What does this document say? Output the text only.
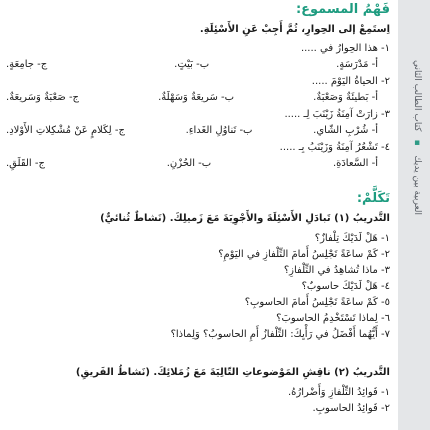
العربية بين يديك ▪ كتاب الطالب الثاني
فَهْمُ المسموع:
اِستَمِعْ إلى الحِوارِ، ثُمَّ أَجِبْ عَنِ الأَسْئِلَةِ.
١- هذا الحِوارُ في .....
أ- مَدْرَسَةٍ.
ب- بَيْتٍ.
ج- جامِعَةٍ.
٢- الحياةُ اليَوْمَ .....
أ- بَطيئَةٌ وَصَعْبَةٌ.
ب- سَريعَةٌ وَسَهْلَةٌ.
ج- صَعْبَةٌ وَسَريعَةٌ.
٣- زارَتْ آمِنَةُ زَيْنَبَ لِـ .....
أ- شُرْبِ الشّاي.
ب- تَناوُلِ الغَداءِ.
ج- لِكَلامٍ عَنْ مُشْكِلاتِ الأَوْلادِ.
٤- تَشْعُرُ آمِنَةُ وَزَيْنَبُ بِـ .....
أ- السَّعادَةِ.
ب- الحُزْنِ.
ج- القَلَقِ.
تَكَلَّمْ:
التَّدريبُ (١) تَبادَلِ الأَسْئِلَةَ والأَجْوِبَةَ مَعَ زَميلِكَ. (نَشاطٌ ثُنائيٌّ)
١- هَلْ لَدَيْكَ تِلْفازٌ؟
٢- كَمْ ساعَةً تَجْلِسُ أَمامَ التِّلْفازِ في اليَوْمِ؟
٣- ماذا تُشاهِدُ في التِّلْفازِ؟
٤- هَلْ لَدَيْكَ حاسوبٌ؟
٥- كَمْ ساعَةً تَجْلِسُ أَمامَ الحاسوبِ؟
٦- لِماذا تَسْتَخْدِمُ الحاسوبَ؟
٧- أَيُّهُما أَفْضَلُ في رَأْيِكَ: التِّلْفازُ أَمِ الحاسوبُ؟ وَلِماذا؟
التَّدريبُ (٢) ناقِشِ المَوْضوعاتِ التّالِيَةَ مَعَ زُمَلائِكَ. (نَشاطُ الفَريقِ)
١- فَوائِدُ التِّلْفازِ وَأَضْرارُهُ.
٢- فَوائِدُ الحاسوبِ.
